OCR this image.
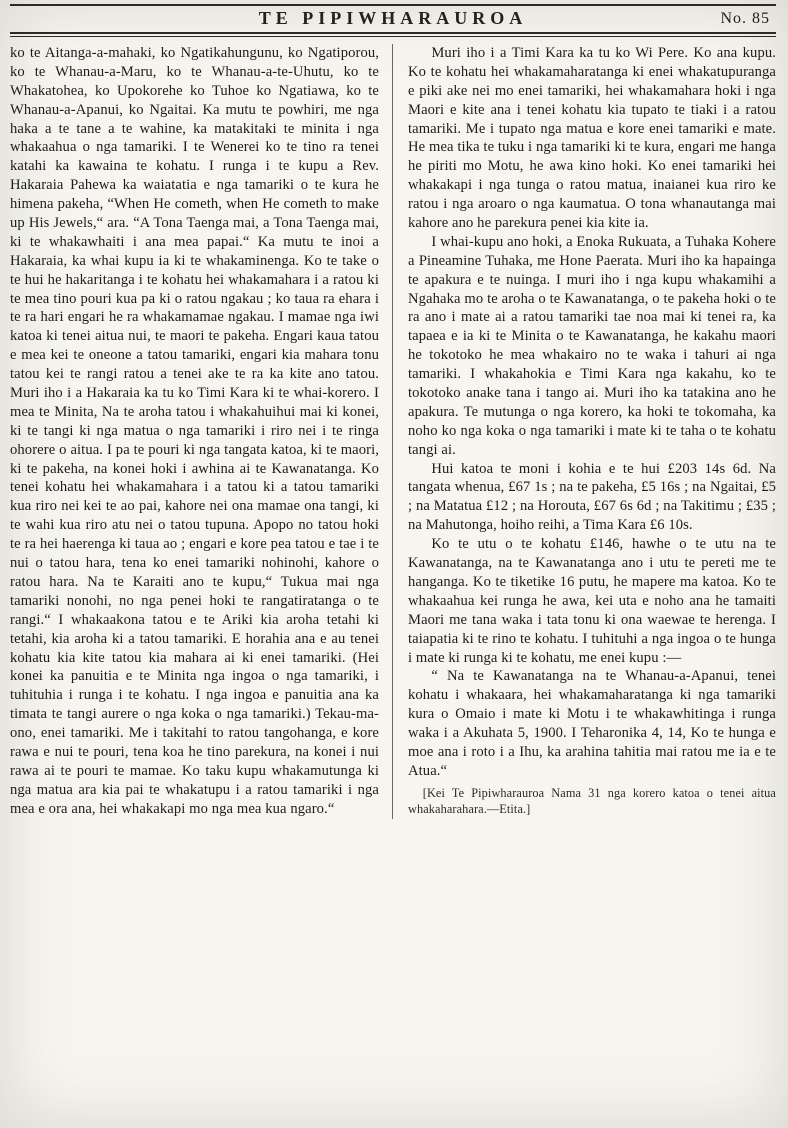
TE PIPIWHARAUROA	No. 85

ko te Aitanga-a-mahaki, ko Ngatikahungunu, ko Ngatiporou, ko te Whanau-a-Maru, ko te Whanau-a-te-Uhutu, ko te Whakatohea, ko Upokorehe ko Tuhoe ko Ngatiawa, ko te Whanau-a-Apanui, ko Ngaitai. Ka mutu te powhiri, me nga haka a te tane a te wahine, ka matakitaki te minita i nga whakaahua o nga tamariki. I te Wenerei ko te tino ra tenei katahi ka kawaina te kohatu. I runga i te kupu a Rev. Hakaraia Pahewa ka waiatatia e nga tamariki o te kura he himena pakeha, “When He cometh, when He cometh to make up His Jewels,“ ara. “A Tona Taenga mai, a Tona Taenga mai, ki te whakawhaiti i ana mea papai.“ Ka mutu te inoi a Hakaraia, ka whai kupu ia ki te whakaminenga. Ko te take o te hui he hakaritanga i te kohatu hei whakamahara i a ratou ki te mea tino pouri kua pa ki o ratou ngakau ; ko taua ra ehara i te ra hari engari he ra whakamamae ngakau. I mamae nga iwi katoa ki tenei aitua nui, te maori te pakeha. Engari kaua tatou e mea kei te oneone a tatou tamariki, engari kia mahara tonu tatou kei te rangi ratou a tenei ake te ra ka kite ano tatou. Muri iho i a Hakaraia ka tu ko Timi Kara ki te whai-korero. I mea te Minita, Na te aroha tatou i whakahuihui mai ki konei, ki te tangi ki nga matua o nga tamariki i riro nei i te ringa ohorere o aitua. I pa te pouri ki nga tangata katoa, ki te maori, ki te pakeha, na konei hoki i awhina ai te Kawanatanga. Ko tenei kohatu hei whakamahara i a tatou ki a tatou tamariki kua riro nei kei te ao pai, kahore nei ona mamae ona tangi, ki te wahi kua riro atu nei o tatou tupuna. Apopo no tatou hoki te ra hei haerenga ki taua ao ; engari e kore pea tatou e tae i te nui o tatou hara, tena ko enei tamariki nohinohi, kahore o ratou hara. Na te Karaiti ano te kupu,“ Tukua mai nga tamariki nonohi, no nga penei hoki te rangatiratanga o te rangi.“ I whakaakona tatou e te Ariki kia aroha tetahi ki tetahi, kia aroha ki a tatou tamariki. E horahia ana e au tenei kohatu kia kite tatou kia mahara ai ki enei tamariki. (Hei konei ka panuitia e te Minita nga ingoa o nga tamariki, i tuhituhia i runga i te kohatu. I nga ingoa e panuitia ana ka timata te tangi aurere o nga koka o nga tamariki.) Tekau-ma-ono, enei tamariki. Me i takitahi to ratou tangohanga, e kore rawa e nui te pouri, tena koa he tino parekura, na konei i nui rawa ai te pouri te mamae. Ko taku kupu whakamutunga ki nga matua ara kia pai te whakatupu i a ratou tamariki i nga mea e ora ana, hei whakakapi mo nga mea kua ngaro.“

Muri iho i a Timi Kara ka tu ko Wi Pere. Ko ana kupu. Ko te kohatu hei whakamaharatanga ki enei whakatupuranga e piki ake nei mo enei tamariki, hei whakamahara hoki i nga Maori e kite ana i tenei kohatu kia tupato te tiaki i a ratou tamariki. Me i tupato nga matua e kore enei tamariki e mate. He mea tika te tuku i nga tamariki ki te kura, engari me hanga he piriti mo Motu, he awa kino hoki. Ko enei tamariki hei whakakapi i nga tunga o ratou matua, inaianei kua riro ke ratou i nga aroaro o nga kaumatua. O tona whanautanga mai kahore ano he parekura penei kia kite ia.

I whai-kupu ano hoki, a Enoka Rukuata, a Tuhaka Kohere a Pineamine Tuhaka, me Hone Paerata. Muri iho ka hapainga te apakura e te nuinga. I muri iho i nga kupu whakamihi a Ngahaka mo te aroha o te Kawanatanga, o te pakeha hoki o te ra ano i mate ai a ratou tamariki tae noa mai ki tenei ra, ka tapaea e ia ki te Minita o te Kawanatanga, he kakahu maori he tokotoko he mea whakairo no te waka i tahuri ai nga tamariki. I whakahokia e Timi Kara nga kakahu, ko te tokotoko anake tana i tango ai. Muri iho ka tatakina ano he apakura. Te mutunga o nga korero, ka hoki te tokomaha, ka noho ko nga koka o nga tamariki i mate ki te taha o te kohatu tangi ai.

Hui katoa te moni i kohia e te hui £203 14s 6d. Na tangata whenua, £67 1s ; na te pakeha, £5 16s ; na Ngaitai, £5 ; na Matatua £12 ; na Horouta, £67 6s 6d ; na Takitimu ; £35 ; na Mahutonga, hoiho reihi, a Tima Kara £6 10s.

Ko te utu o te kohatu £146, hawhe o te utu na te Kawanatanga, na te Kawanatanga ano i utu te pereti me te hanganga. Ko te tiketike 16 putu, he mapere ma katoa. Ko te whakaahua kei runga he awa, kei uta e noho ana he tamaiti Maori me tana waka i tata tonu ki ona waewae te herenga. I taiapatia ki te rino te kohatu. I tuhituhi a nga ingoa o te hunga i mate ki runga ki te kohatu, me enei kupu :—

“ Na te Kawanatanga na te Whanau-a-Apanui, tenei kohatu i whakaara, hei whakamaharatanga ki nga tamariki kura o Omaio i mate ki Motu i te whakawhitinga i runga waka i a Akuhata 5, 1900. I Teharonika 4, 14, Ko te hunga e moe ana i roto i a Ihu, ka arahina tahitia mai ratou me ia e te Atua.“

[Kei Te Pipiwharauroa Nama 31 nga korero katoa o tenei aitua whakaharahara.—Etita.]
